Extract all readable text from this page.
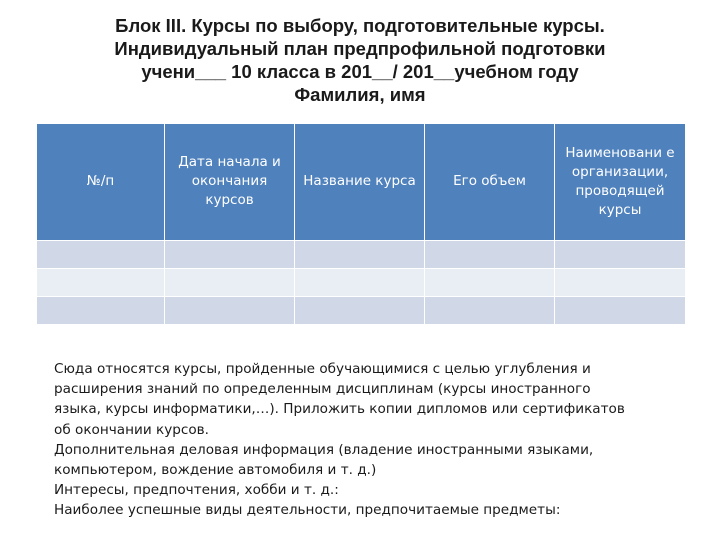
Блок III. Курсы по выбору, подготовительные курсы.
Индивидуальный план предпрофильной подготовки
учени___ 10 класса в 201__/ 201__учебном году
Фамилия, имя
№/п	Дата начала и окончания курсов	Название курса	Его объем	Наименовани е организации, проводящей курсы

Сюда относятся курсы, пройденные обучающимися с целью углубления и
расширения знаний по определенным дисциплинам (курсы иностранного
языка, курсы информатики,…). Приложить копии дипломов или сертификатов
об окончании курсов.
Дополнительная деловая информация (владение иностранными языками,
компьютером, вождение автомобиля и т. д.)
Интересы, предпочтения, хобби и т. д.:
Наиболее успешные виды деятельности, предпочитаемые предметы:
